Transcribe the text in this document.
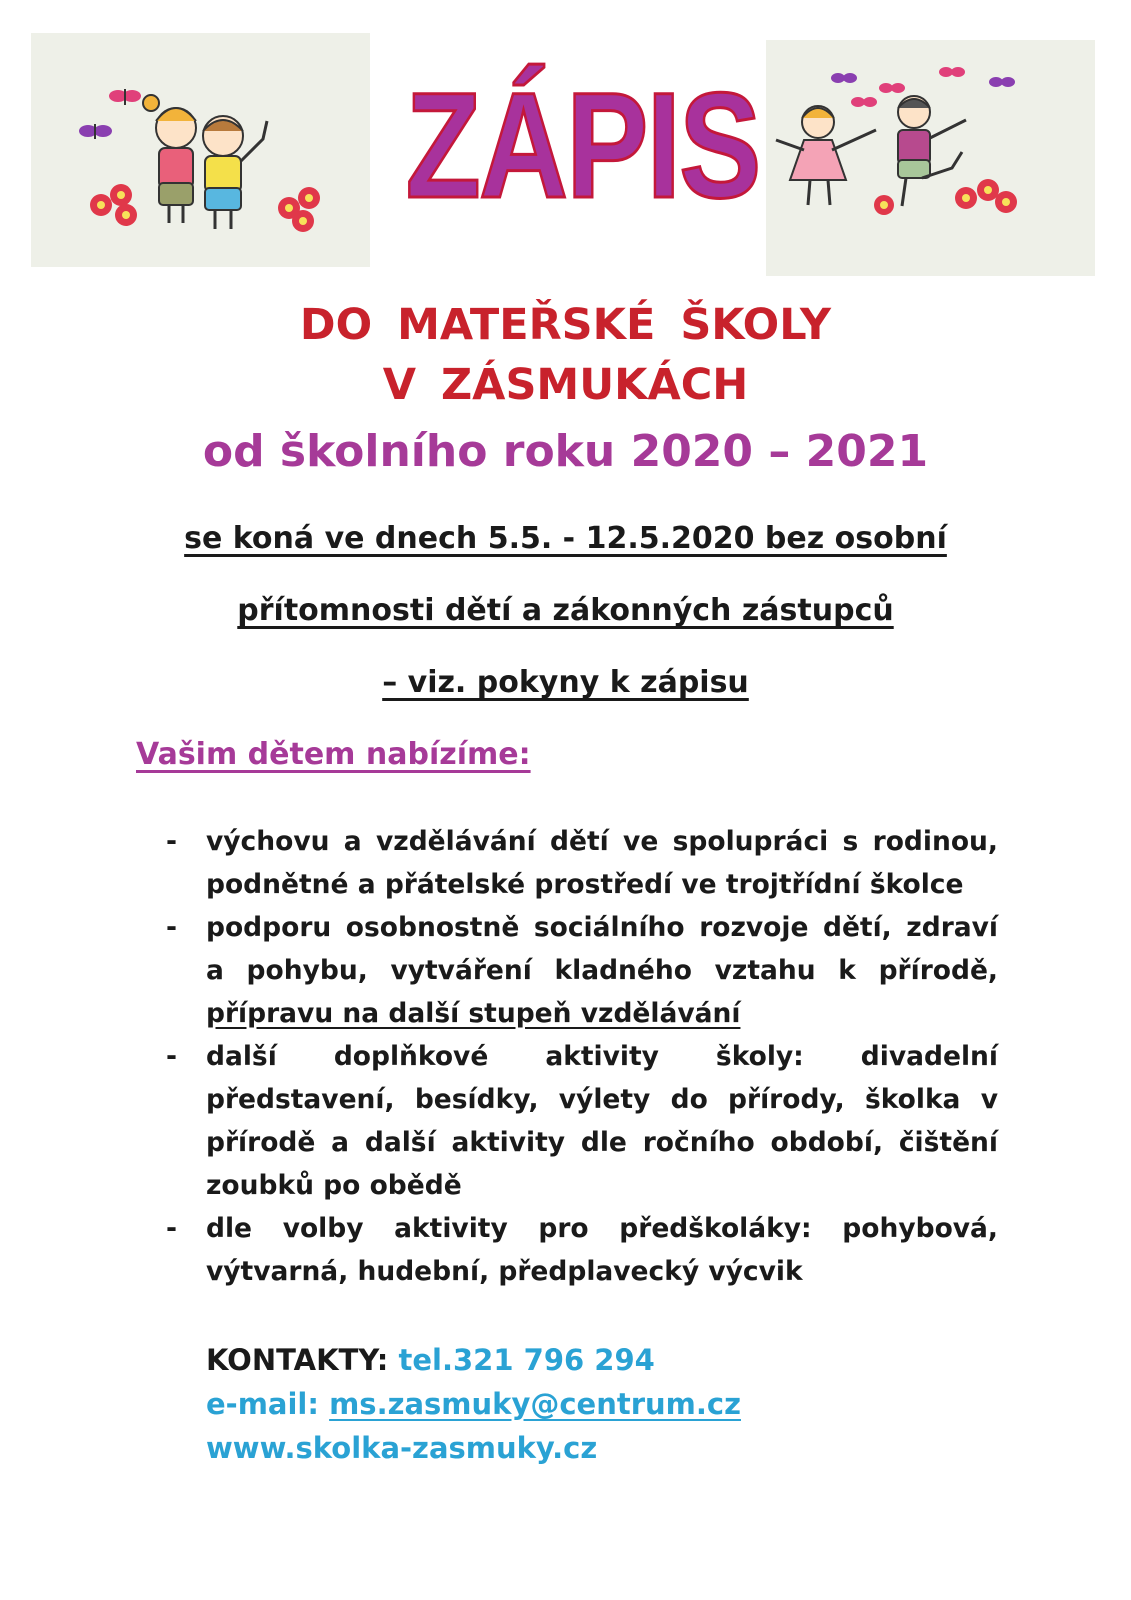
ZÁPIS
DO MATEŘSKÉ ŠKOLY
V ZÁSMUKÁCH
od školního roku 2020 – 2021
se koná ve dnech 5.5. - 12.5.2020 bez osobní
přítomnosti dětí a zákonných zástupců
– viz. pokyny k zápisu
Vašim dětem nabízíme:
- výchovu a vzdělávání dětí ve spolupráci s rodinou, podnětné a přátelské prostředí ve trojtřídní školce
- podporu osobnostně sociálního rozvoje dětí, zdraví a pohybu, vytváření kladného vztahu k přírodě, přípravu na další stupeň vzdělávání
- další doplňkové aktivity školy: divadelní představení, besídky, výlety do přírody, školka v přírodě a další aktivity dle ročního období, čištění zoubků po obědě
- dle volby aktivity pro předškoláky: pohybová, výtvarná, hudební, předplavecký výcvik
KONTAKTY: tel.321 796 294
e-mail: ms.zasmuky@centrum.cz
www.skolka-zasmuky.cz
